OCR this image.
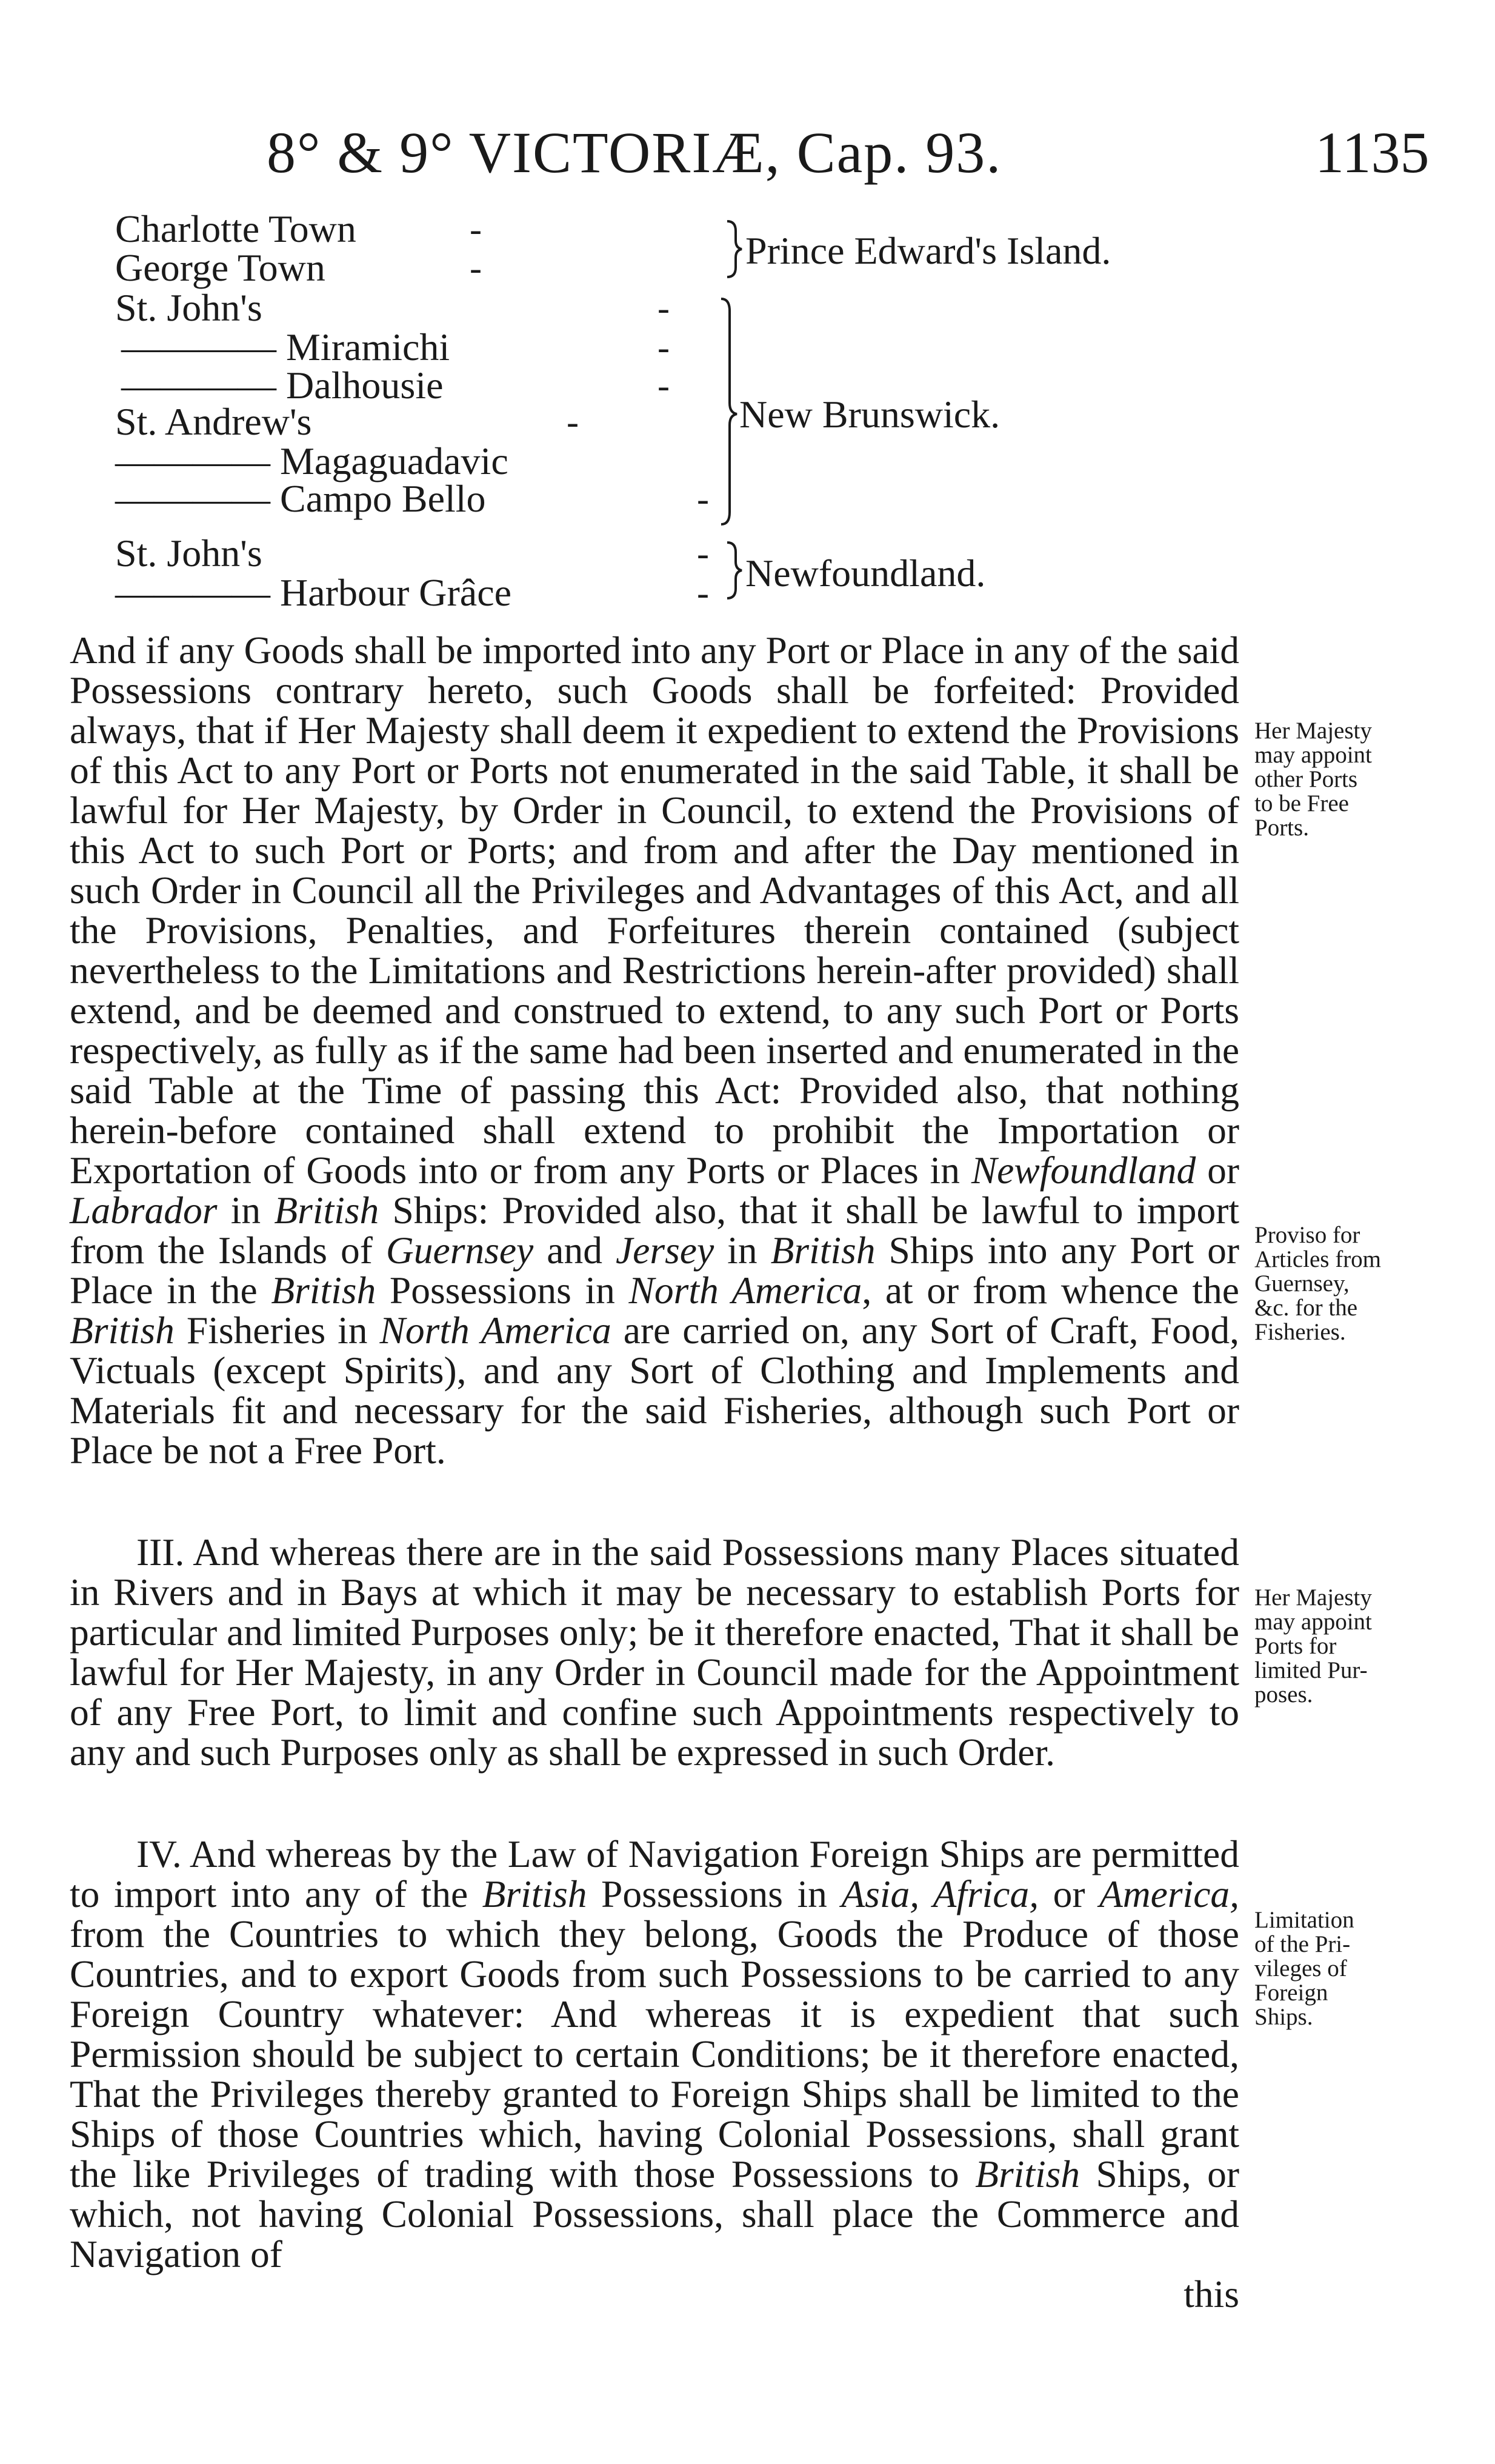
8° & 9° VICTORIÆ, Cap. 93.	1135
Charlotte Town	-
George Town	-
St. John's	-
———— Miramichi	-
———— Dalhousie	-
St. Andrew's	-
———— Magaguadavic
———— Campo Bello	-
St. John's	-
———— Harbour Grâce	-
Prince Edward's Island.
New Brunswick.
Newfoundland.

And if any Goods shall be imported into any Port or Place in any of the said Possessions contrary hereto, such Goods shall be forfeited: Provided always, that if Her Majesty shall deem it expedient to extend the Provisions of this Act to any Port or Ports not enumerated in the said Table, it shall be lawful for Her Majesty, by Order in Council, to extend the Provisions of this Act to such Port or Ports; and from and after the Day mentioned in such Order in Council all the Privileges and Advantages of this Act, and all the Provisions, Penalties, and Forfeitures therein contained (subject nevertheless to the Limitations and Restrictions herein-after provided) shall extend, and be deemed and construed to extend, to any such Port or Ports respectively, as fully as if the same had been inserted and enumerated in the said Table at the Time of passing this Act: Provided also, that nothing herein-before contained shall extend to prohibit the Importation or Exportation of Goods into or from any Ports or Places in Newfoundland or Labrador in British Ships: Provided also, that it shall be lawful to import from the Islands of Guernsey and Jersey in British Ships into any Port or Place in the British Possessions in North America, at or from whence the British Fisheries in North America are carried on, any Sort of Craft, Food, Victuals (except Spirits), and any Sort of Clothing and Implements and Materials fit and necessary for the said Fisheries, although such Port or Place be not a Free Port.

III. And whereas there are in the said Possessions many Places situated in Rivers and in Bays at which it may be necessary to establish Ports for particular and limited Purposes only; be it therefore enacted, That it shall be lawful for Her Majesty, in any Order in Council made for the Appointment of any Free Port, to limit and confine such Appointments respectively to any and such Purposes only as shall be expressed in such Order.

IV. And whereas by the Law of Navigation Foreign Ships are permitted to import into any of the British Possessions in Asia, Africa, or America, from the Countries to which they belong, Goods the Produce of those Countries, and to export Goods from such Possessions to be carried to any Foreign Country whatever: And whereas it is expedient that such Permission should be subject to certain Conditions; be it therefore enacted, That the Privileges thereby granted to Foreign Ships shall be limited to the Ships of those Countries which, having Colonial Possessions, shall grant the like Privileges of trading with those Possessions to British Ships, or which, not having Colonial Possessions, shall place the Commerce and Navigation of

this
Her Majesty
may appoint
other Ports
to be Free
Ports.
Proviso for
Articles from
Guernsey,
&c. for the
Fisheries.
Her Majesty
may appoint
Ports for
limited Pur-
poses.
Limitation
of the Pri-
vileges of
Foreign
Ships.
